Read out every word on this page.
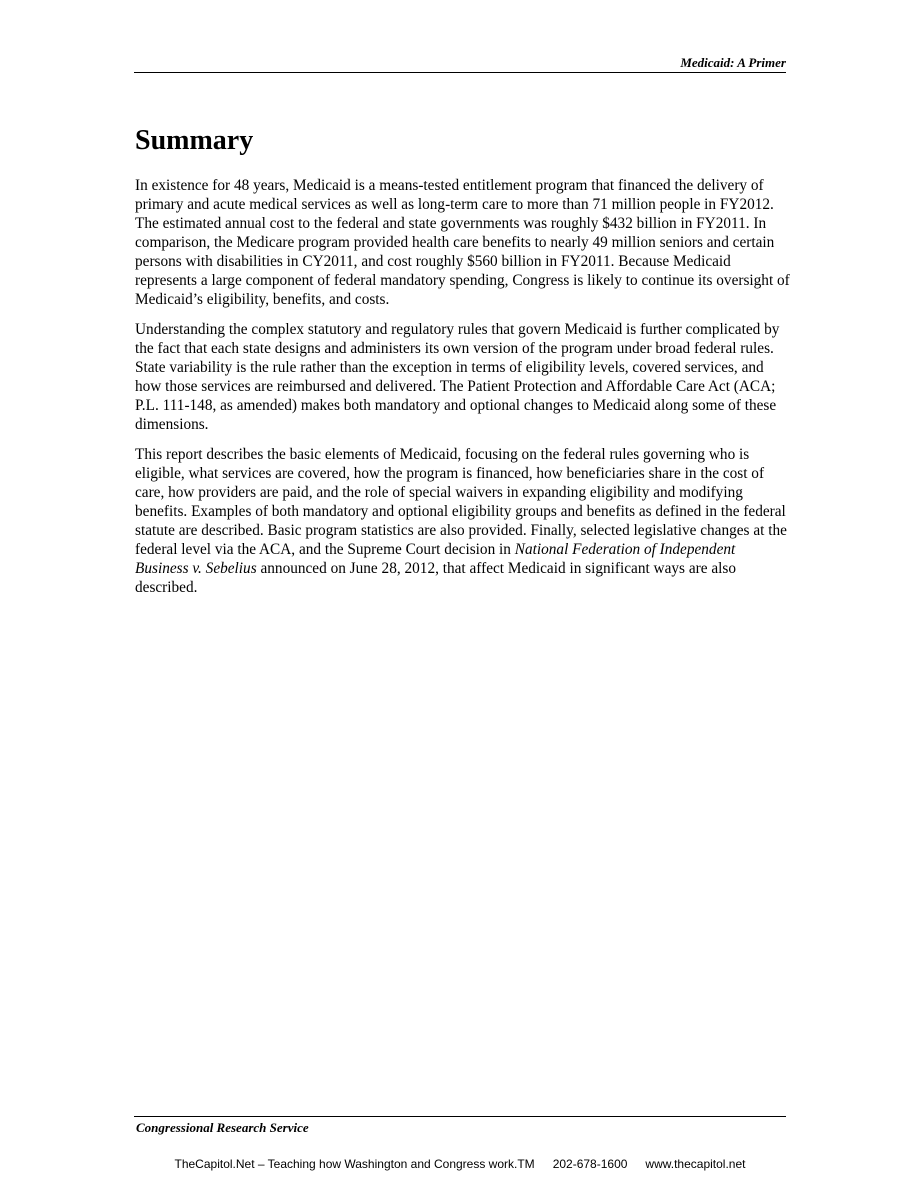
Medicaid: A Primer
Summary

In existence for 48 years, Medicaid is a means-tested entitlement program that financed the delivery of primary and acute medical services as well as long-term care to more than 71 million people in FY2012. The estimated annual cost to the federal and state governments was roughly $432 billion in FY2011. In comparison, the Medicare program provided health care benefits to nearly 49 million seniors and certain persons with disabilities in CY2011, and cost roughly $560 billion in FY2011. Because Medicaid represents a large component of federal mandatory spending, Congress is likely to continue its oversight of Medicaid’s eligibility, benefits, and costs.

Understanding the complex statutory and regulatory rules that govern Medicaid is further complicated by the fact that each state designs and administers its own version of the program under broad federal rules. State variability is the rule rather than the exception in terms of eligibility levels, covered services, and how those services are reimbursed and delivered. The Patient Protection and Affordable Care Act (ACA; P.L. 111-148, as amended) makes both mandatory and optional changes to Medicaid along some of these dimensions.

This report describes the basic elements of Medicaid, focusing on the federal rules governing who is eligible, what services are covered, how the program is financed, how beneficiaries share in the cost of care, how providers are paid, and the role of special waivers in expanding eligibility and modifying benefits. Examples of both mandatory and optional eligibility groups and benefits as defined in the federal statute are described. Basic program statistics are also provided. Finally, selected legislative changes at the federal level via the ACA, and the Supreme Court decision in National Federation of Independent Business v. Sebelius announced on June 28, 2012, that affect Medicaid in significant ways are also described.

Congressional Research Service
TheCapitol.Net – Teaching how Washington and Congress work.TM 202-678-1600 www.thecapitol.net
